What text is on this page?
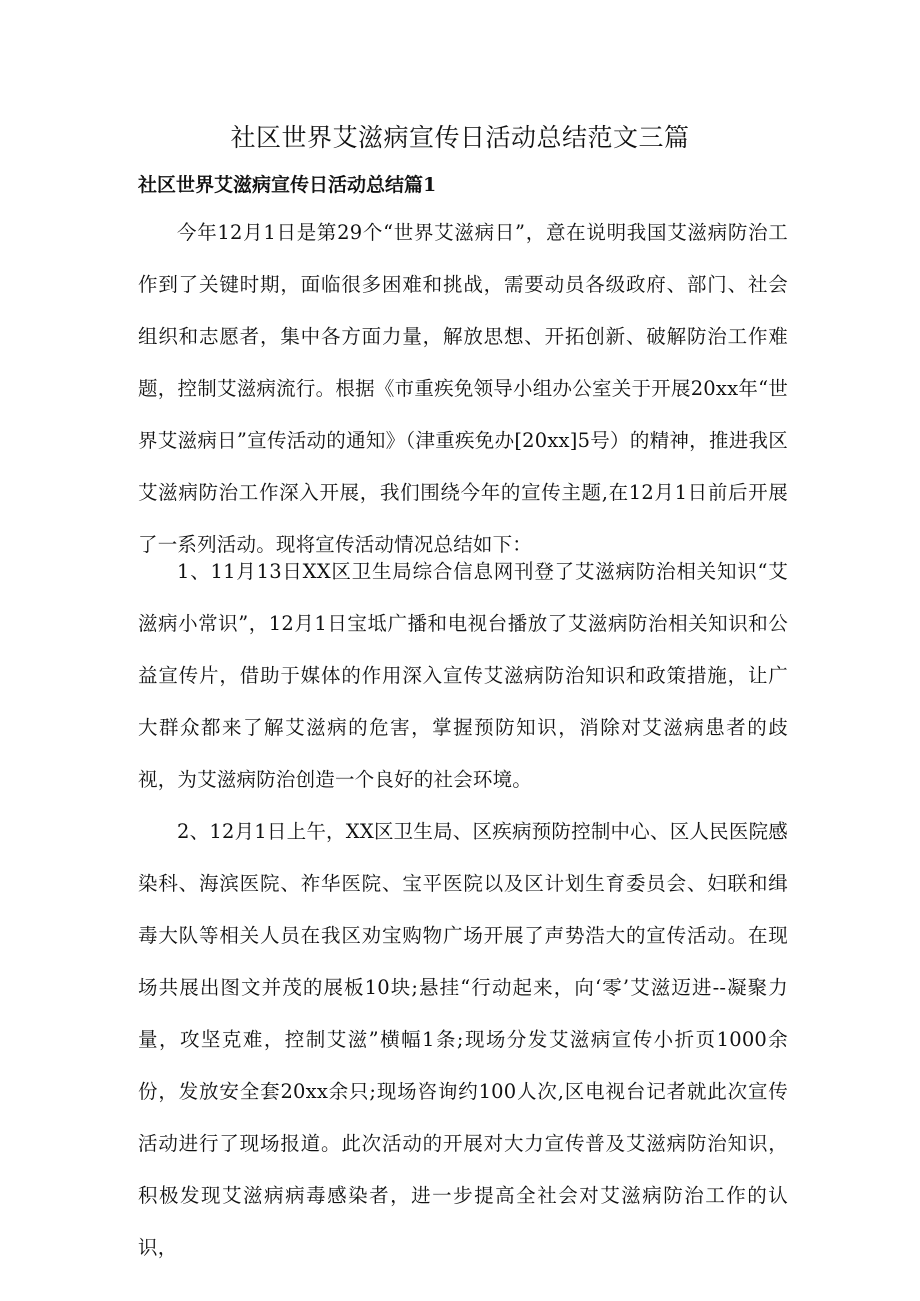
社区世界艾滋病宣传日活动总结范文三篇
社区世界艾滋病宣传日活动总结篇1

今年12月1日是第29个“世界艾滋病日”，意在说明我国艾滋病防治工作到了关键时期，面临很多困难和挑战，需要动员各级政府、部门、社会组织和志愿者，集中各方面力量，解放思想、开拓创新、破解防治工作难题，控制艾滋病流行。根据《市重疾免领导小组办公室关于开展20xx年“世界艾滋病日”宣传活动的通知》（津重疾免办[20xx]5号）的精神，推进我区艾滋病防治工作深入开展，我们围绕今年的宣传主题,在12月1日前后开展了一系列活动。现将宣传活动情况总结如下：

1、11月13日XX区卫生局综合信息网刊登了艾滋病防治相关知识“艾滋病小常识”，12月1日宝坻广播和电视台播放了艾滋病防治相关知识和公益宣传片，借助于媒体的作用深入宣传艾滋病防治知识和政策措施，让广大群众都来了解艾滋病的危害，掌握预防知识，消除对艾滋病患者的歧视，为艾滋病防治创造一个良好的社会环境。

2、12月1日上午，XX区卫生局、区疾病预防控制中心、区人民医院感染科、海滨医院、祚华医院、宝平医院以及区计划生育委员会、妇联和缉毒大队等相关人员在我区劝宝购物广场开展了声势浩大的宣传活动。在现场共展出图文并茂的展板10块;悬挂“行动起来，向‘零’艾滋迈进--凝聚力量，攻坚克难，控制艾滋”横幅1条;现场分发艾滋病宣传小折页1000余份，发放安全套20xx余只;现场咨询约100人次,区电视台记者就此次宣传活动进行了现场报道。此次活动的开展对大力宣传普及艾滋病防治知识，积极发现艾滋病病毒感染者，进一步提高全社会对艾滋病防治工作的认识，
